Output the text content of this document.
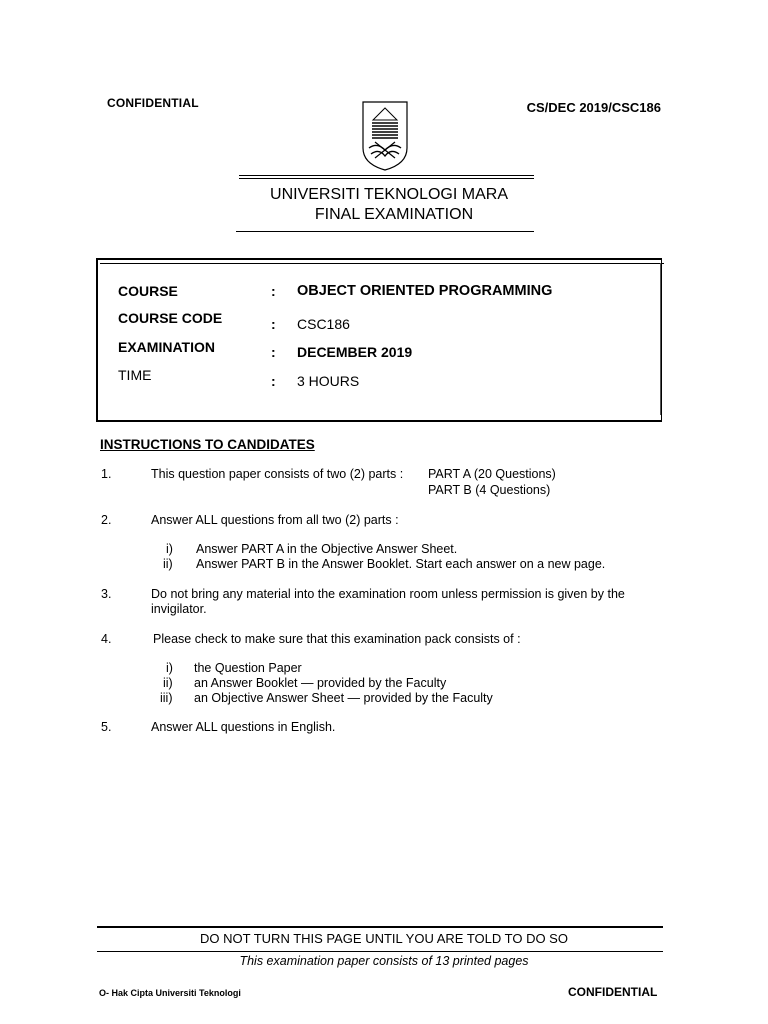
CONFIDENTIAL	CS/DEC 2019/CSC186
UNIVERSITI TEKNOLOGI MARA
FINAL EXAMINATION
COURSE	: OBJECT ORIENTED PROGRAMMING
COURSE CODE	: CSC186
EXAMINATION	: DECEMBER 2019
TIME	: 3 HOURS
INSTRUCTIONS TO CANDIDATES
1.	This question paper consists of two (2) parts : PART A (20 Questions)
PART B (4 Questions)
2.	Answer ALL questions from all two (2) parts :
i) Answer PART A in the Objective Answer Sheet.
ii) Answer PART B in the Answer Booklet. Start each answer on a new page.
3.	Do not bring any material into the examination room unless permission is given by the
invigilator.
4.	Please check to make sure that this examination pack consists of :
i) the Question Paper
ii) an Answer Booklet — provided by the Faculty
iii) an Objective Answer Sheet — provided by the Faculty
5.	Answer ALL questions in English.
DO NOT TURN THIS PAGE UNTIL YOU ARE TOLD TO DO SO
This examination paper consists of 13 printed pages
O- Hak Cipta Universiti Teknologi	CONFIDENTIAL
